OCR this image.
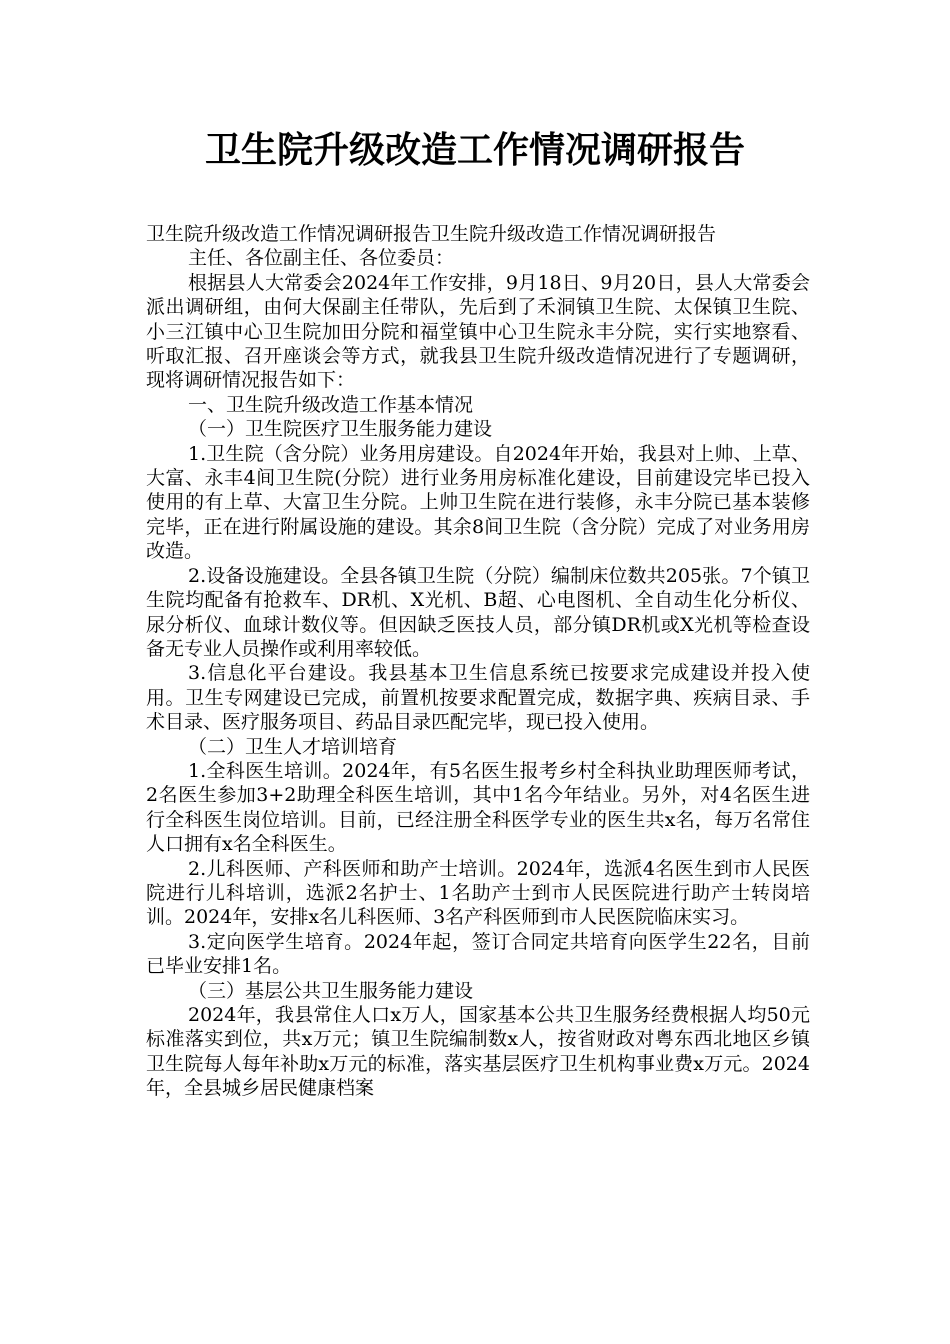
卫生院升级改造工作情况调研报告

卫生院升级改造工作情况调研报告卫生院升级改造工作情况调研报告

主任、各位副主任、各位委员：

根据县人大常委会2024年工作安排，9月18日、9月20日，县人大常委会派出调研组，由何大保副主任带队，先后到了禾洞镇卫生院、太保镇卫生院、小三江镇中心卫生院加田分院和福堂镇中心卫生院永丰分院，实行实地察看、听取汇报、召开座谈会等方式，就我县卫生院升级改造情况进行了专题调研，现将调研情况报告如下：

一、卫生院升级改造工作基本情况

（一）卫生院医疗卫生服务能力建设

1.卫生院（含分院）业务用房建设。自2024年开始，我县对上帅、上草、大富、永丰4间卫生院(分院）进行业务用房标准化建设，目前建设完毕已投入使用的有上草、大富卫生分院。上帅卫生院在进行装修，永丰分院已基本装修完毕，正在进行附属设施的建设。其余8间卫生院（含分院）完成了对业务用房改造。

2.设备设施建设。全县各镇卫生院（分院）编制床位数共205张。7个镇卫生院均配备有抢救车、DR机、X光机、B超、心电图机、全自动生化分析仪、尿分析仪、血球计数仪等。但因缺乏医技人员，部分镇DR机或X光机等检查设备无专业人员操作或利用率较低。

3.信息化平台建设。我县基本卫生信息系统已按要求完成建设并投入使用。卫生专网建设已完成，前置机按要求配置完成，数据字典、疾病目录、手术目录、医疗服务项目、药品目录匹配完毕，现已投入使用。

（二）卫生人才培训培育

1.全科医生培训。2024年，有5名医生报考乡村全科执业助理医师考试，2名医生参加3+2助理全科医生培训，其中1名今年结业。另外，对4名医生进行全科医生岗位培训。目前，已经注册全科医学专业的医生共x名，每万名常住人口拥有x名全科医生。

2.儿科医师、产科医师和助产士培训。2024年，选派4名医生到市人民医院进行儿科培训，选派2名护士、1名助产士到市人民医院进行助产士转岗培训。2024年，安排x名儿科医师、3名产科医师到市人民医院临床实习。

3.定向医学生培育。2024年起，签订合同定共培育向医学生22名，目前已毕业安排1名。

（三）基层公共卫生服务能力建设

2024年，我县常住人口x万人，国家基本公共卫生服务经费根据人均50元标准落实到位，共x万元；镇卫生院编制数x人，按省财政对粤东西北地区乡镇卫生院每人每年补助x万元的标准，落实基层医疗卫生机构事业费x万元。2024年，全县城乡居民健康档案
